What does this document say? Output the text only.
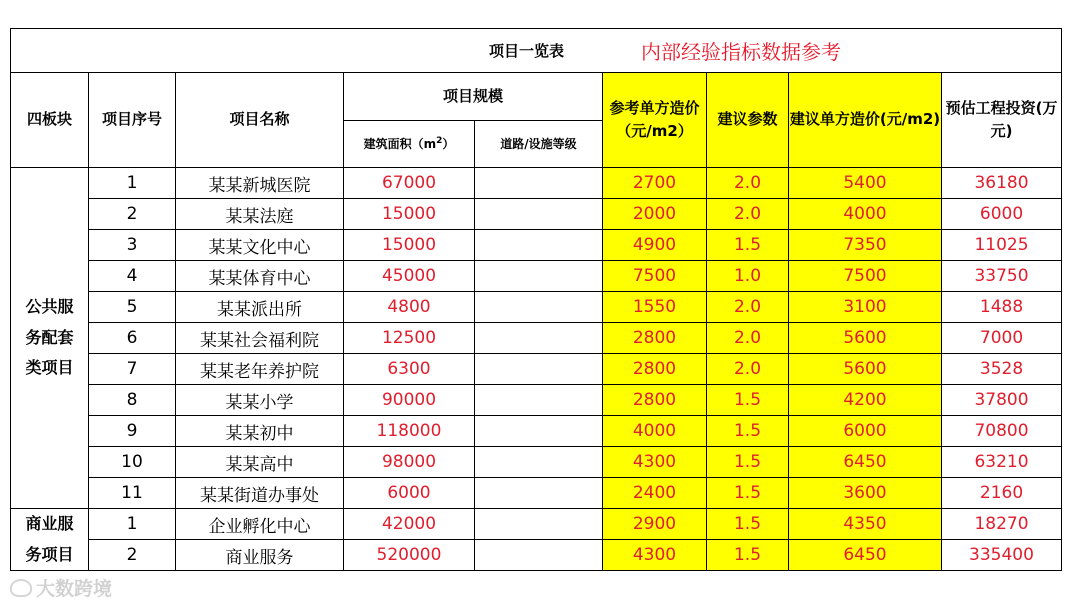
项目一览表 内部经验指标数据参考								

四板块	项目序号	项目名称	项目规模		参考单方造价（元/m2）	建议参数	建议单方造价(元/m2)	预估工程投资(万元)
			建筑面积$(m^2)$	道路/设施等级				
公共服务配套类项目	1	某某新城医院	67000		2700	2.0	5400	36180
	2	某某法庭	15000		2000	2.0	4000	6000
	3	某某文化中心	15000		4900	1.5	7350	11025
	4	某某体育中心	45000		7500	1.0	7500	33750
	5	某某派出所	4800		1550	2.0	3100	1488
	6	某某社会福利院	12500		2800	2.0	5600	7000
	7	某某老年养护院	6300		2800	2.0	5600	3528
	8	某某小学	90000		2800	1.5	4200	37800
	9	某某初中	118000		4000	1.5	6000	70800
	10	某某高中	98000		4300	1.5	6450	63210
	11	某某街道办事处	6000		2400	1.5	3600	2160
商业服务项目	1	企业孵化中心	42000		2900	1.5	4350	18270
	2	商业服务	520000		4300	1.5	6450	335400
大数跨境
